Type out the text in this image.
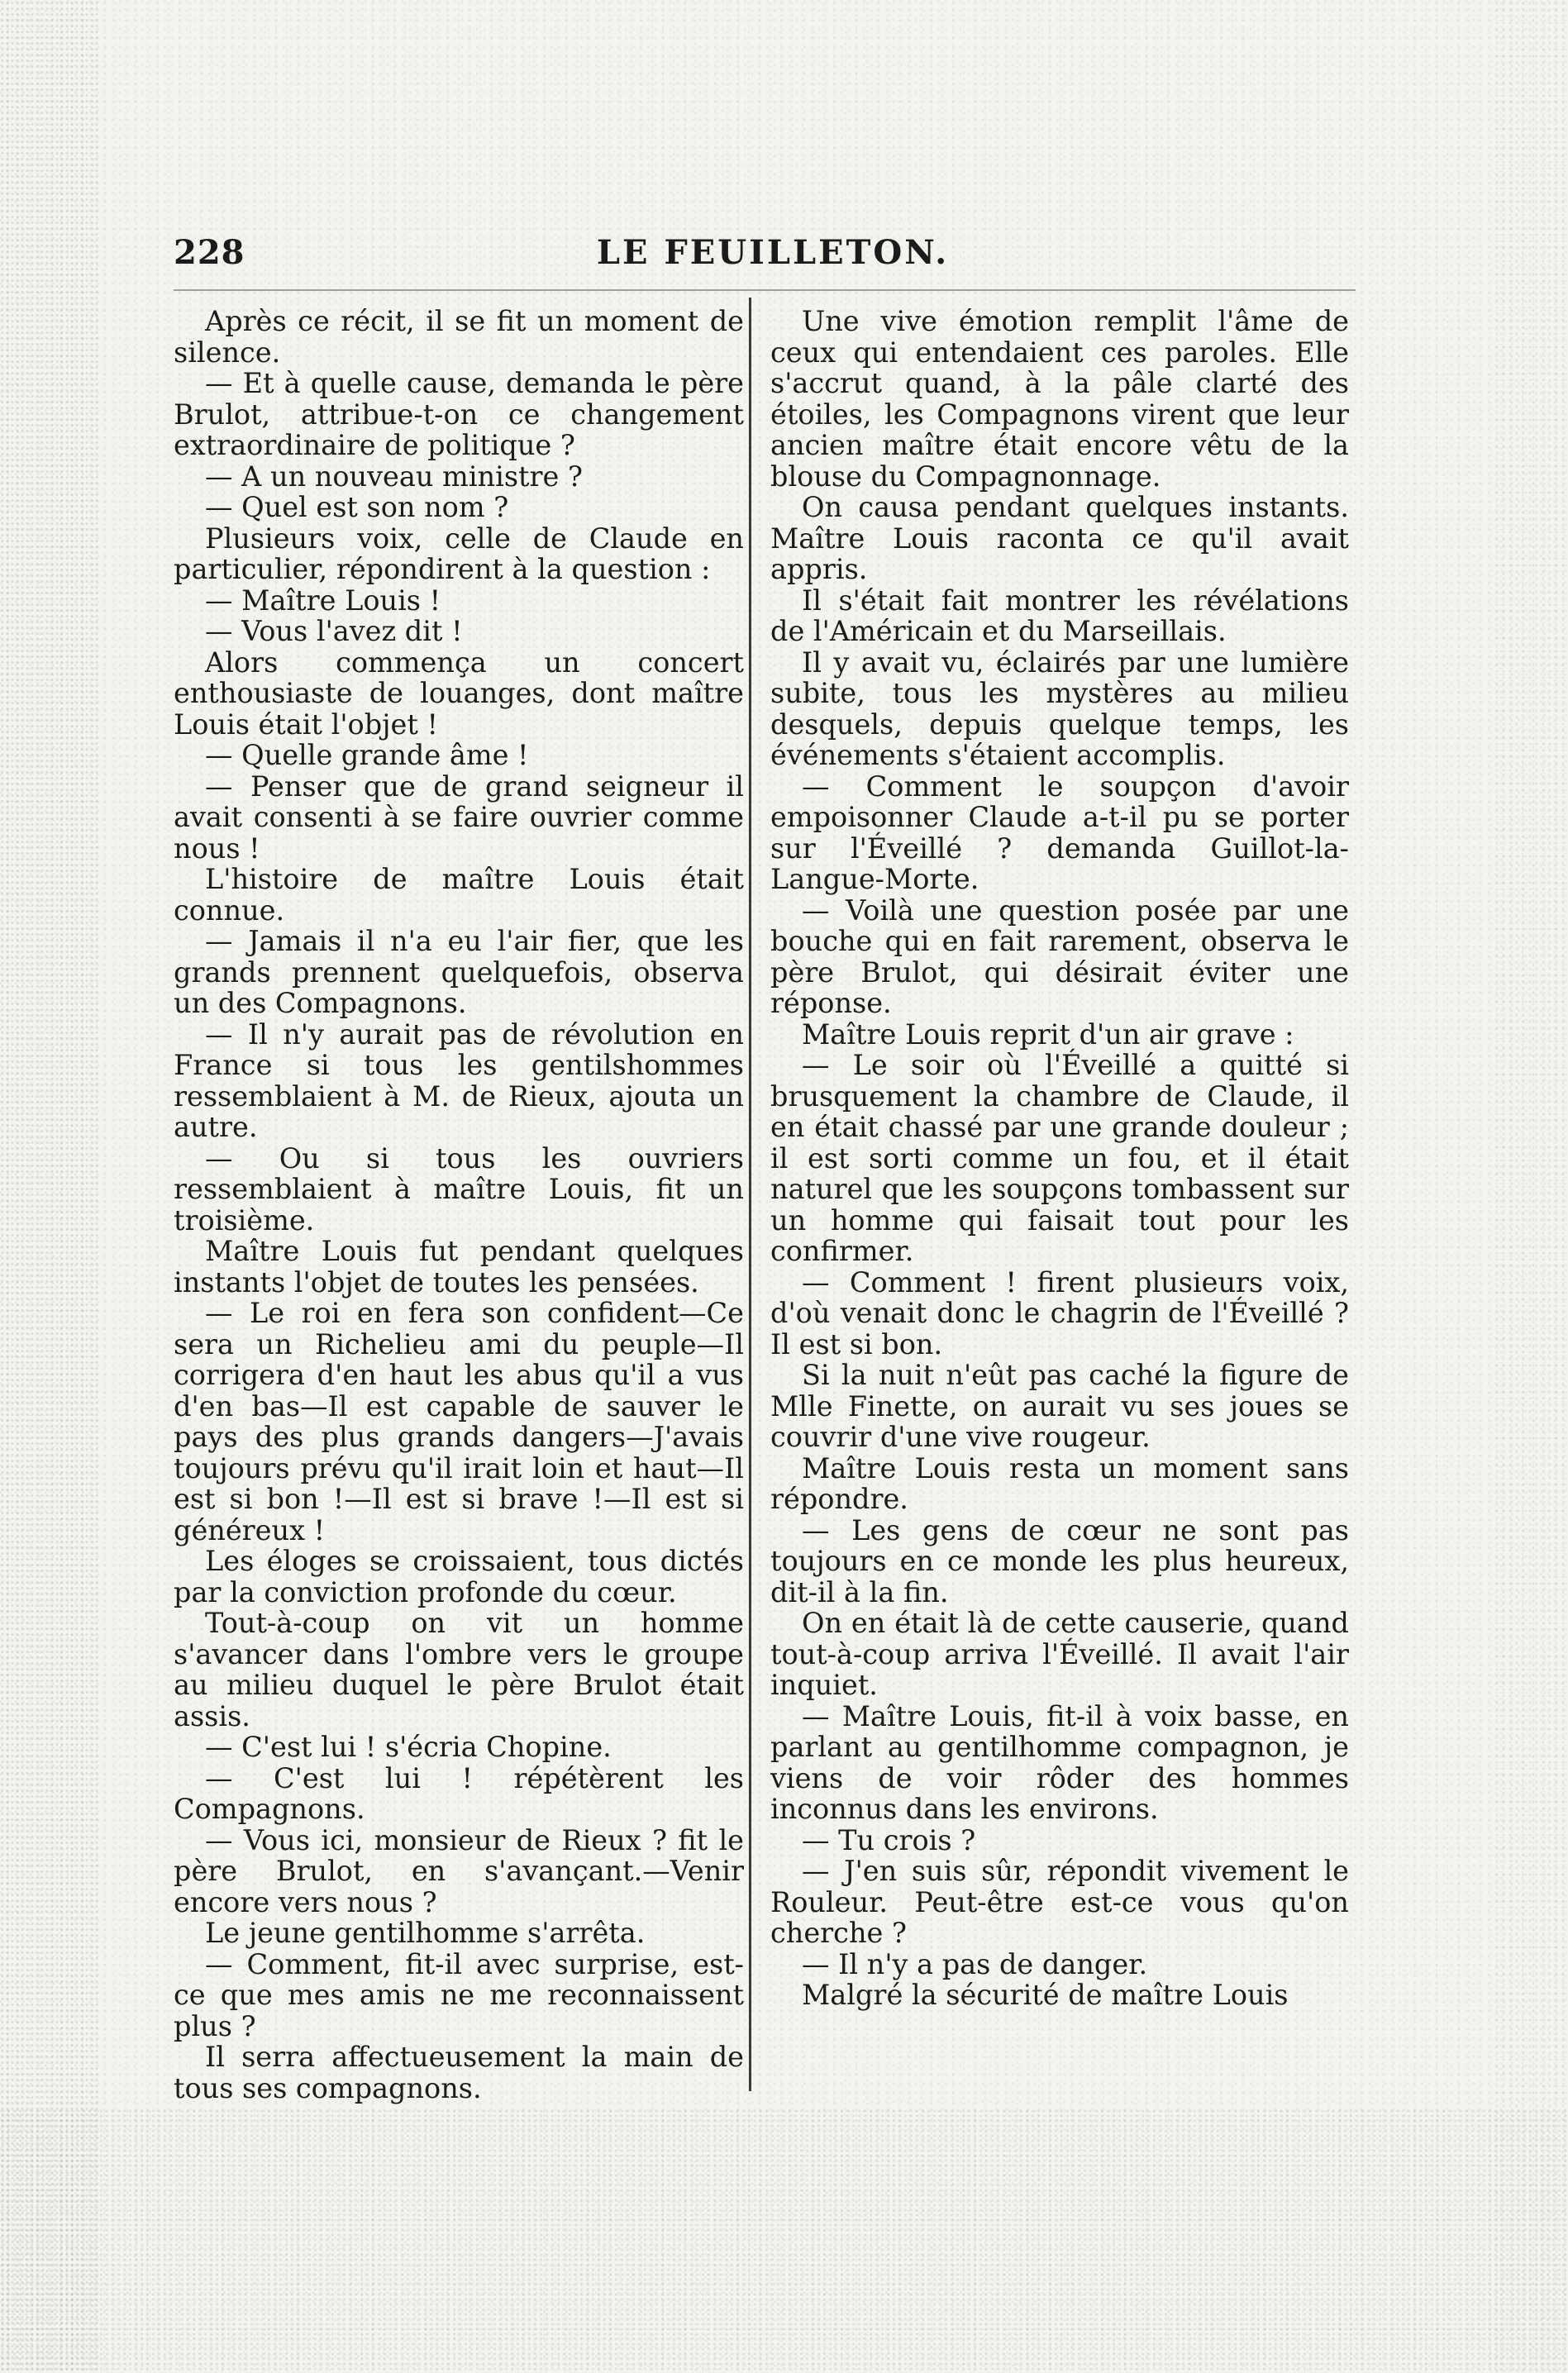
228	LE FEUILLETON.

Après ce récit, il se fit un moment de silence.

— Et à quelle cause, demanda le père Brulot, attribue-t-on ce changement extraordinaire de politique ?

— A un nouveau ministre ?

— Quel est son nom ?

Plusieurs voix, celle de Claude en particulier, répondirent à la question :

— Maître Louis !

— Vous l'avez dit !

Alors commença un concert enthousiaste de louanges, dont maître Louis était l'objet !

— Quelle grande âme !

— Penser que de grand seigneur il avait consenti à se faire ouvrier comme nous !

L'histoire de maître Louis était connue.

— Jamais il n'a eu l'air fier, que les grands prennent quelquefois, observa un des Compagnons.

— Il n'y aurait pas de révolution en France si tous les gentilshommes ressemblaient à M. de Rieux, ajouta un autre.

— Ou si tous les ouvriers ressemblaient à maître Louis, fit un troisième.

Maître Louis fut pendant quelques instants l'objet de toutes les pensées.

— Le roi en fera son confident—Ce sera un Richelieu ami du peuple—Il corrigera d'en haut les abus qu'il a vus d'en bas—Il est capable de sauver le pays des plus grands dangers—J'avais toujours prévu qu'il irait loin et haut—Il est si bon !—Il est si brave !—Il est si généreux !

Les éloges se croissaient, tous dictés par la conviction profonde du cœur.

Tout-à-coup on vit un homme s'avancer dans l'ombre vers le groupe au milieu duquel le père Brulot était assis.

— C'est lui ! s'écria Chopine.

— C'est lui ! répétèrent les Compagnons.

— Vous ici, monsieur de Rieux ? fit le père Brulot, en s'avançant.—Venir encore vers nous ?

Le jeune gentilhomme s'arrêta.

— Comment, fit-il avec surprise, est-ce que mes amis ne me reconnaissent plus ?

Il serra affectueusement la main de tous ses compagnons.

Une vive émotion remplit l'âme de ceux qui entendaient ces paroles. Elle s'accrut quand, à la pâle clarté des étoiles, les Compagnons virent que leur ancien maître était encore vêtu de la blouse du Compagnonnage.

On causa pendant quelques instants. Maître Louis raconta ce qu'il avait appris.

Il s'était fait montrer les révélations de l'Américain et du Marseillais.

Il y avait vu, éclairés par une lumière subite, tous les mystères au milieu desquels, depuis quelque temps, les événements s'étaient accomplis.

— Comment le soupçon d'avoir empoisonner Claude a-t-il pu se porter sur l'Éveillé ? demanda Guillot-la-Langue-Morte.

— Voilà une question posée par une bouche qui en fait rarement, observa le père Brulot, qui désirait éviter une réponse.

Maître Louis reprit d'un air grave :

— Le soir où l'Éveillé a quitté si brusquement la chambre de Claude, il en était chassé par une grande douleur ; il est sorti comme un fou, et il était naturel que les soupçons tombassent sur un homme qui faisait tout pour les confirmer.

— Comment ! firent plusieurs voix, d'où venait donc le chagrin de l'Éveillé ? Il est si bon.

Si la nuit n'eût pas caché la figure de Mlle Finette, on aurait vu ses joues se couvrir d'une vive rougeur.

Maître Louis resta un moment sans répondre.

— Les gens de cœur ne sont pas toujours en ce monde les plus heureux, dit-il à la fin.

On en était là de cette causerie, quand tout-à-coup arriva l'Éveillé. Il avait l'air inquiet.

— Maître Louis, fit-il à voix basse, en parlant au gentilhomme compagnon, je viens de voir rôder des hommes inconnus dans les environs.

— Tu crois ?

— J'en suis sûr, répondit vivement le Rouleur. Peut-être est-ce vous qu'on cherche ?

— Il n'y a pas de danger.

Malgré la sécurité de maître Louis
